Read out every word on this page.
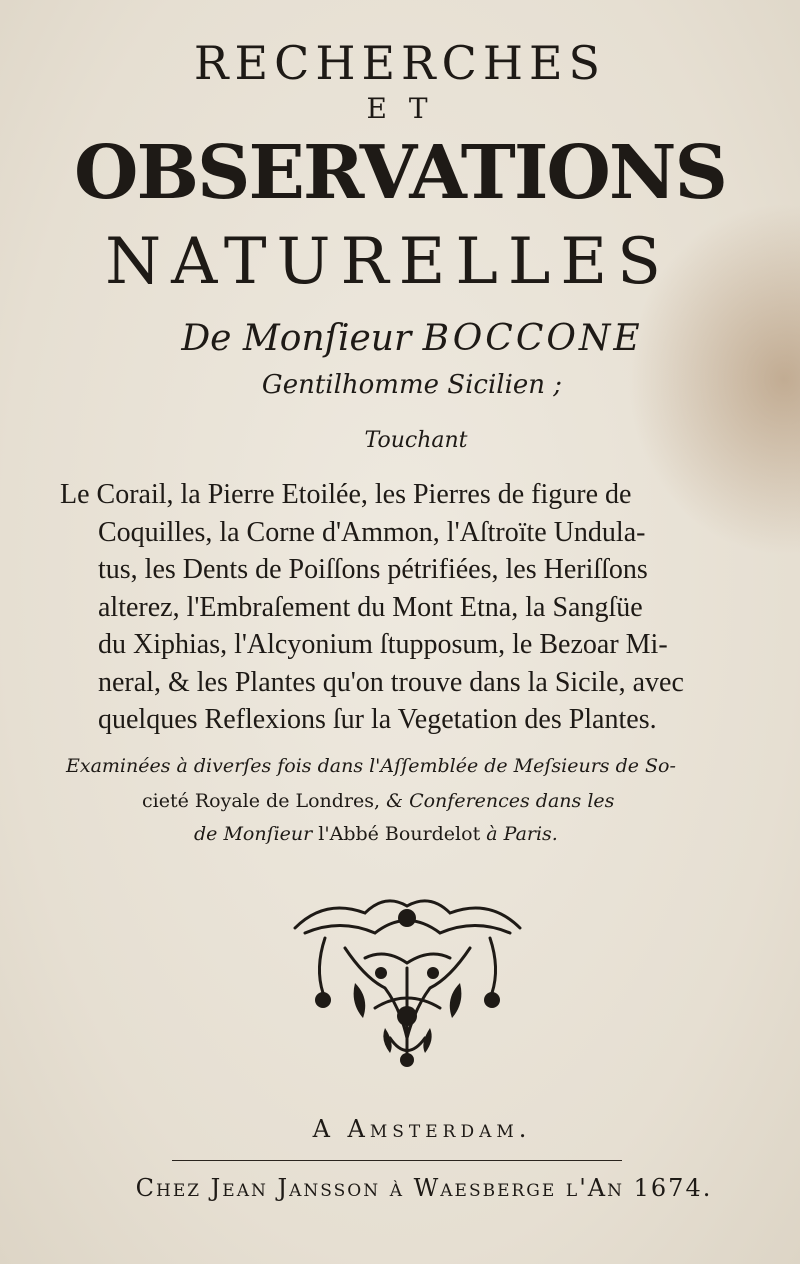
RECHERCHES
ET
OBSERVATIONS
NATURELLES
De Monſieur BOCCONE
Gentilhomme Sicilien ;
Touchant
Le Corail, la Pierre Etoilée, les Pierres de figure de
Coquilles, la Corne d'Ammon, l'Aſtroïte Undula-
tus, les Dents de Poiſſons pétrifiées, les Heriſſons
alterez, l'Embraſement du Mont Etna, la Sangſüe
du Xiphias, l'Alcyonium ſtupposum, le Bezoar Mi-
neral, & les Plantes qu'on trouve dans la Sicile, avec
quelques Reflexions ſur la Vegetation des Plantes.
Examinées à diverſes fois dans l'Aſſemblée de Meſsieurs de So-
cieté Royale de Londres, & Conferences dans les
de Monſieur l'Abbé Bourdelot à Paris.
A Amsterdam.
Chez Jean Jansson à Waesberge l'An 1674.
